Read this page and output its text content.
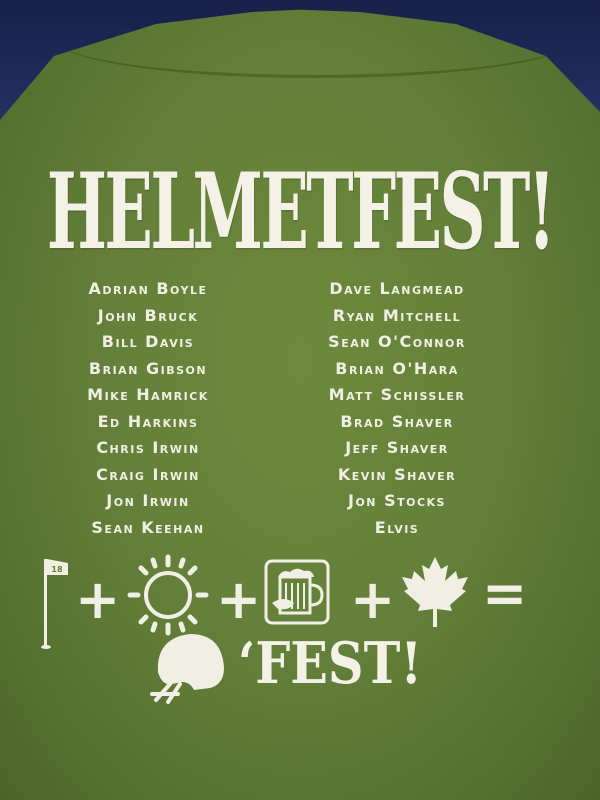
HELMETFEST!
Adrian Boyle
John Bruck
Bill Davis
Brian Gibson
Mike Hamrick
Ed Harkins
Chris Irwin
Craig Irwin
Jon Irwin
Sean Keehan
Dave Langmead
Ryan Mitchell
Sean O'Connor
Brian O'Hara
Matt Schissler
Brad Shaver
Jeff Shaver
Kevin Shaver
Jon Stocks
Elvis
18 + + + =
‘FEST!
